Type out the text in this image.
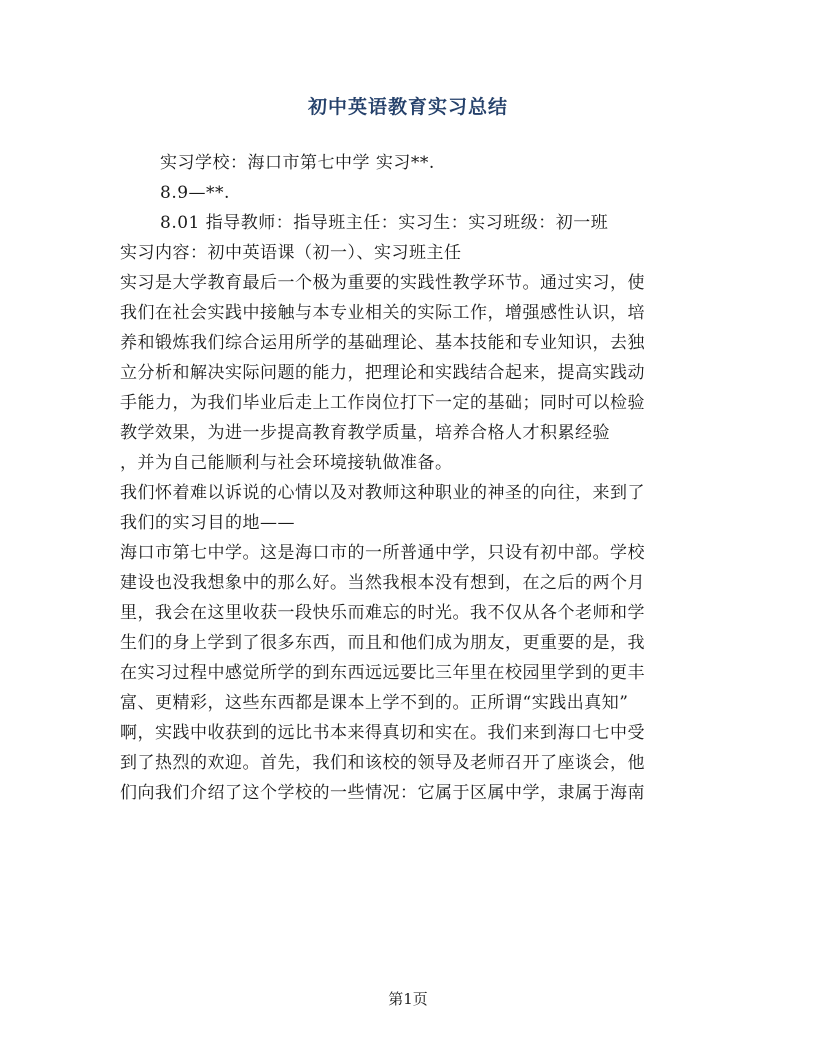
初中英语教育实习总结
实习学校：海口市第七中学 实习**.
8.9—**.
8.01 指导教师：指导班主任：实习生：实习班级：初一班
实习内容：初中英语课（初一）、实习班主任
实习是大学教育最后一个极为重要的实践性教学环节。通过实习，使
我们在社会实践中接触与本专业相关的实际工作，增强感性认识，培
养和锻炼我们综合运用所学的基础理论、基本技能和专业知识，去独
立分析和解决实际问题的能力，把理论和实践结合起来，提高实践动
手能力，为我们毕业后走上工作岗位打下一定的基础；同时可以检验
教学效果，为进一步提高教育教学质量，培养合格人才积累经验
，并为自己能顺利与社会环境接轨做准备。
我们怀着难以诉说的心情以及对教师这种职业的神圣的向往，来到了
我们的实习目的地——
海口市第七中学。这是海口市的一所普通中学，只设有初中部。学校
建设也没我想象中的那么好。当然我根本没有想到，在之后的两个月
里，我会在这里收获一段快乐而难忘的时光。我不仅从各个老师和学
生们的身上学到了很多东西，而且和他们成为朋友，更重要的是，我
在实习过程中感觉所学的到东西远远要比三年里在校园里学到的更丰
富、更精彩，这些东西都是课本上学不到的。正所谓“实践出真知”
啊，实践中收获到的远比书本来得真切和实在。我们来到海口七中受
到了热烈的欢迎。首先，我们和该校的领导及老师召开了座谈会，他
们向我们介绍了这个学校的一些情况：它属于区属中学，隶属于海南
第1页
